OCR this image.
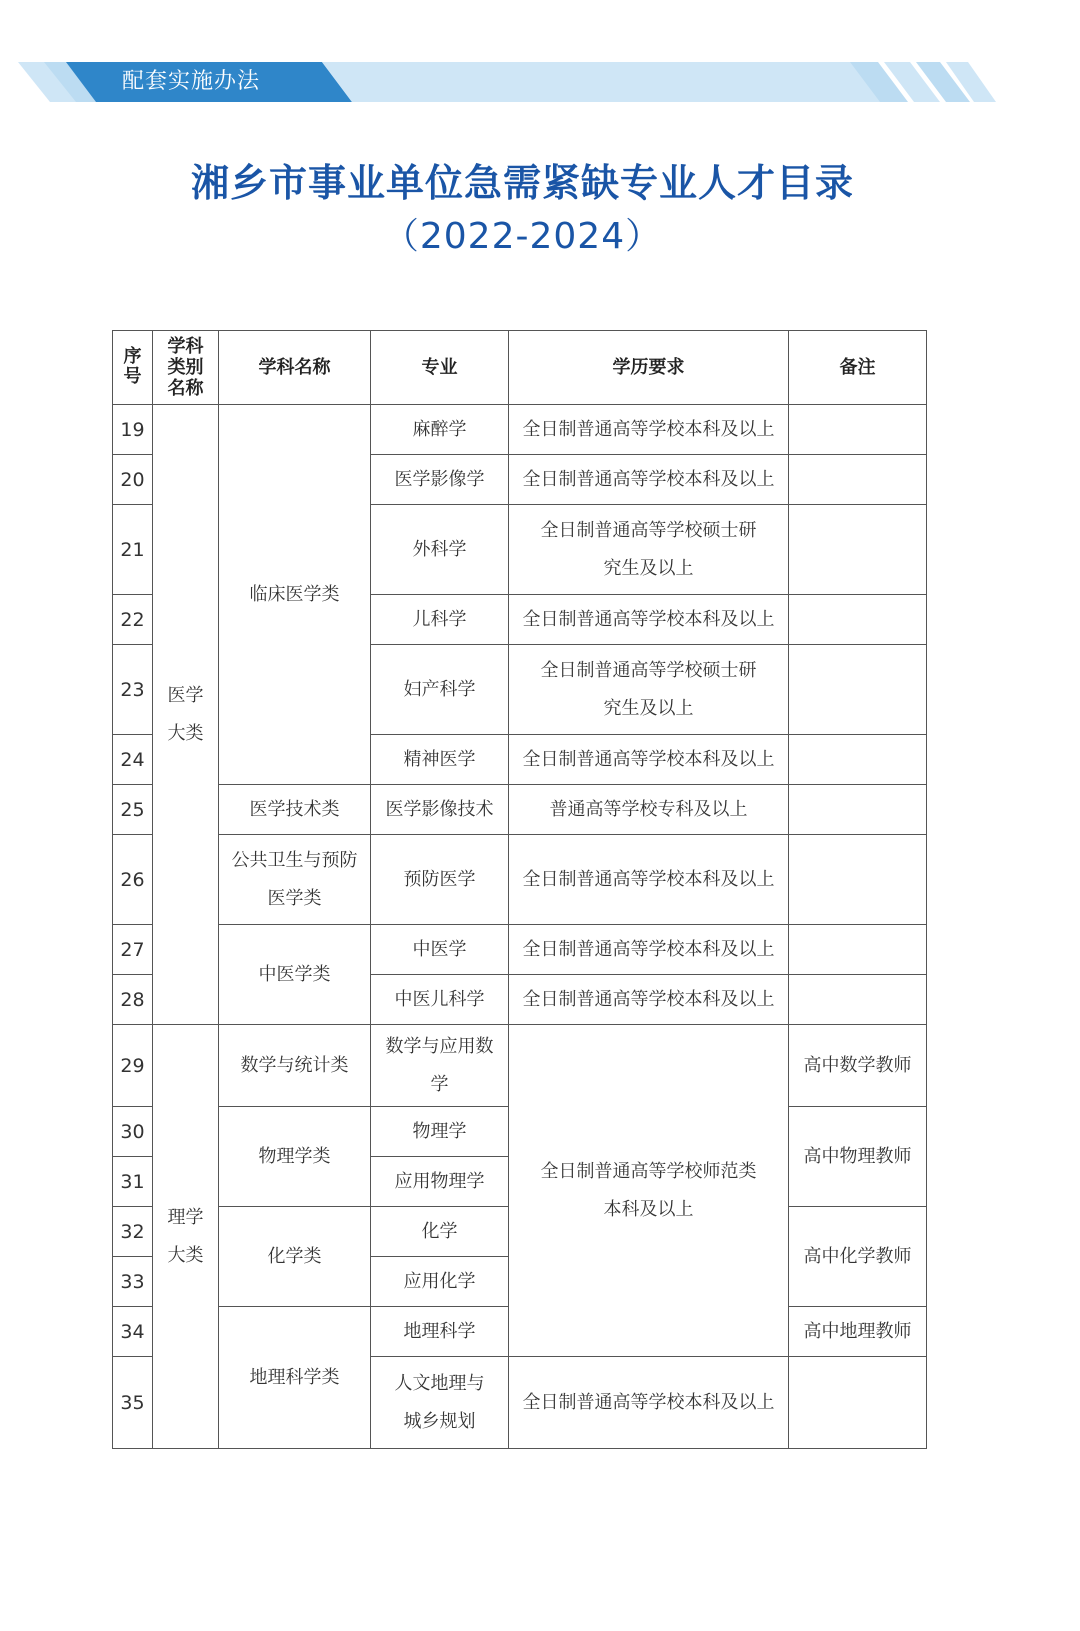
配套实施办法
湘乡市事业单位急需紧缺专业人才目录
（2022-2024）
序号	学科类别名称	学科名称	专业	学历要求	备注
19	医学大类	临床医学类	麻醉学	全日制普通高等学校本科及以上	
20			医学影像学	全日制普通高等学校本科及以上	
21			外科学	全日制普通高等学校硕士研究生及以上	
22			儿科学	全日制普通高等学校本科及以上	
23			妇产科学	全日制普通高等学校硕士研究生及以上	
24			精神医学	全日制普通高等学校本科及以上	
25		医学技术类	医学影像技术	普通高等学校专科及以上	
26		公共卫生与预防医学类	预防医学	全日制普通高等学校本科及以上	
27		中医学类	中医学	全日制普通高等学校本科及以上	
28			中医儿科学	全日制普通高等学校本科及以上	
29	理学大类	数学与统计类	数学与应用数学	全日制普通高等学校师范类本科及以上	高中数学教师
30		物理学类	物理学		高中物理教师
31			应用物理学		
32		化学类	化学		高中化学教师
33			应用化学		
34		地理科学类	地理科学		高中地理教师
35			人文地理与城乡规划	全日制普通高等学校本科及以上	
